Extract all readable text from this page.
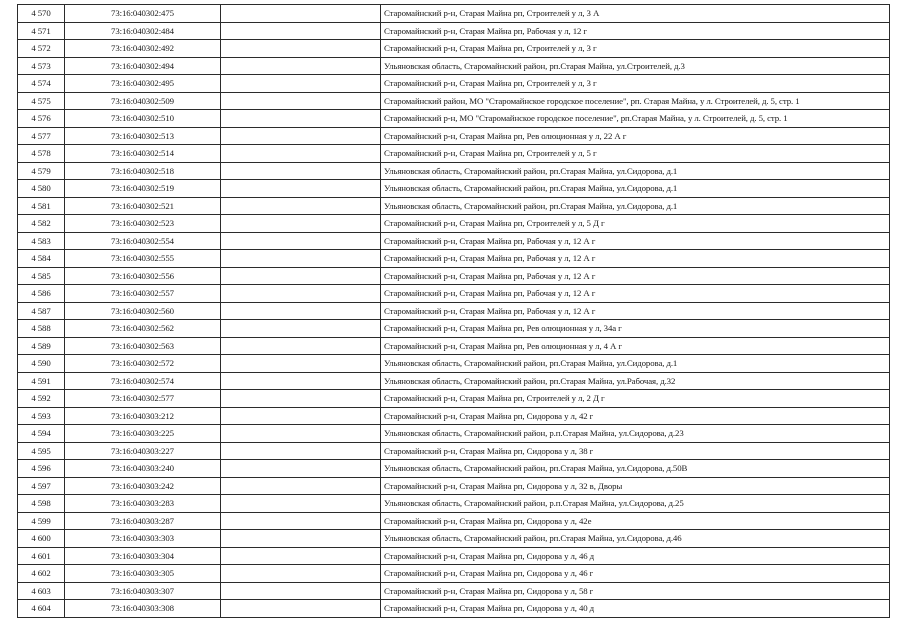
4 570	73:16:040302:475		Старомайнский р-н, Старая Майна рп, Строителей у л, 3 А
4 571	73:16:040302:484		Старомайнский р-н, Старая Майна рп, Рабочая у л, 12 г
4 572	73:16:040302:492		Старомайнский р-н, Старая Майна рп, Строителей у л, 3 г
4 573	73:16:040302:494		Ульяновская область, Старомайнский район, рп.Старая Майна, ул.Строителей, д.3
4 574	73:16:040302:495		Старомайнский р-н, Старая Майна рп, Строителей у л, 3 г
4 575	73:16:040302:509		Старомайнский район, МО "Старомайнское городское поселение", рп. Старая Майна, у л. Строителей, д. 5, стр. 1
4 576	73:16:040302:510		Старомайнский р-н, МО "Старомайнское городское поселение", рп.Старая Майна, у л. Строителей, д. 5, стр. 1
4 577	73:16:040302:513		Старомайнский р-н, Старая Майна рп, Рев олюционная у л, 22 А г
4 578	73:16:040302:514		Старомайнский р-н, Старая Майна рп, Строителей у л, 5 г
4 579	73:16:040302:518		Ульяновская область, Старомайнский район, рп.Старая Майна, ул.Сидорова, д.1
4 580	73:16:040302:519		Ульяновская область, Старомайнский район, рп.Старая Майна, ул.Сидорова, д.1
4 581	73:16:040302:521		Ульяновская область, Старомайнский район, рп.Старая Майна, ул.Сидорова, д.1
4 582	73:16:040302:523		Старомайнский р-н, Старая Майна рп, Строителей у л, 5 Д г
4 583	73:16:040302:554		Старомайнский р-н, Старая Майна рп, Рабочая у л, 12 А г
4 584	73:16:040302:555		Старомайнский р-н, Старая Майна рп, Рабочая у л, 12 А г
4 585	73:16:040302:556		Старомайнский р-н, Старая Майна рп, Рабочая у л, 12 А г
4 586	73:16:040302:557		Старомайнский р-н, Старая Майна рп, Рабочая у л, 12 А г
4 587	73:16:040302:560		Старомайнский р-н, Старая Майна рп, Рабочая у л, 12 А г
4 588	73:16:040302:562		Старомайнский р-н, Старая Майна рп, Рев олюционная у л, 34а г
4 589	73:16:040302:563		Старомайнский р-н, Старая Майна рп, Рев олюционная у л, 4 А г
4 590	73:16:040302:572		Ульяновская область, Старомайнский район, рп.Старая Майна, ул.Сидорова, д.1
4 591	73:16:040302:574		Ульяновская область, Старомайнский район, рп.Старая Майна, ул.Рабочая, д.32
4 592	73:16:040302:577		Старомайнский р-н, Старая Майна рп, Строителей у л, 2 Д г
4 593	73:16:040303:212		Старомайнский р-н, Старая Майна рп, Сидорова у л, 42 г
4 594	73:16:040303:225		Ульяновская область, Старомайнский район, р.п.Старая Майна, ул.Сидорова, д.23
4 595	73:16:040303:227		Старомайнский р-н, Старая Майна рп, Сидорова у л, 38 г
4 596	73:16:040303:240		Ульяновская область, Старомайнский район, рп.Старая Майна, ул.Сидорова, д.50В
4 597	73:16:040303:242		Старомайнский р-н, Старая Майна рп, Сидорова у л, 32 в, Дворы
4 598	73:16:040303:283		Ульяновская область, Старомайнский район, р.п.Старая Майна, ул.Сидорова, д.25
4 599	73:16:040303:287		Старомайнский р-н, Старая Майна рп, Сидорова у л, 42е
4 600	73:16:040303:303		Ульяновская область, Старомайнский район, рп.Старая Майна, ул.Сидорова, д.46
4 601	73:16:040303:304		Старомайнский р-н, Старая Майна рп, Сидорова у л, 46 д
4 602	73:16:040303:305		Старомайнский р-н, Старая Майна рп, Сидорова у л, 46 г
4 603	73:16:040303:307		Старомайнский р-н, Старая Майна рп, Сидорова у л, 58 г
4 604	73:16:040303:308		Старомайнский р-н, Старая Майна рп, Сидорова у л, 40 д
